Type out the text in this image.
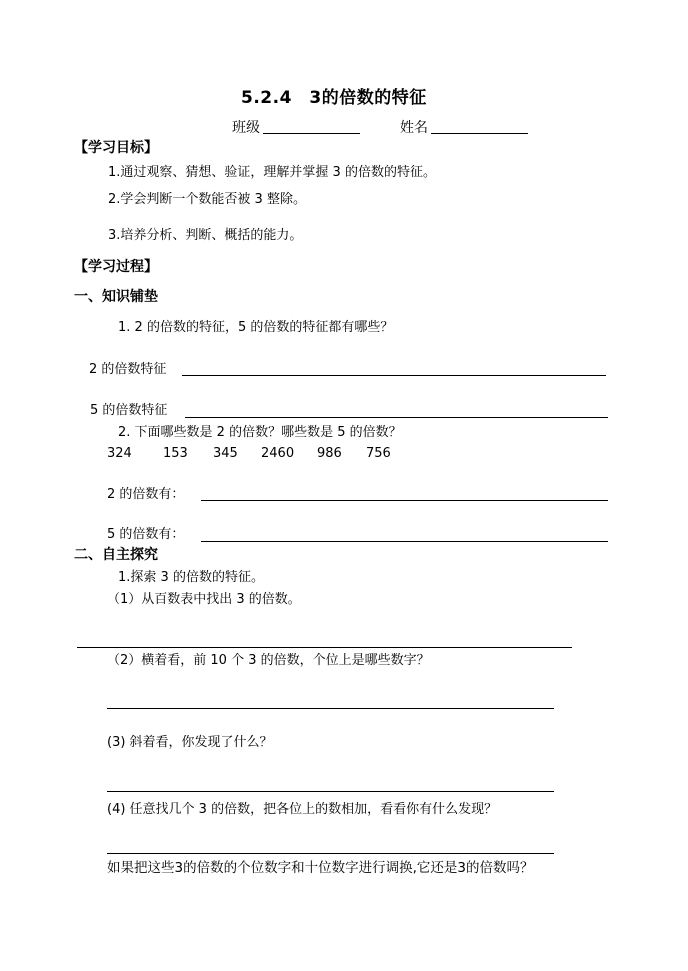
5.2.4　3的倍数的特征
班级	姓名
【学习目标】
1.通过观察、猜想、验证，理解并掌握 3 的倍数的特征。
2.学会判断一个数能否被 3 整除。
3.培养分析、判断、概括的能力。
【学习过程】
一、知识铺垫
1. 2 的倍数的特征，5 的倍数的特征都有哪些？
2 的倍数特征
5 的倍数特征
2. 下面哪些数是 2 的倍数？哪些数是 5 的倍数？
324 153 345 2460 986 756
2 的倍数有：
5 的倍数有：
二、自主探究
1.探索 3 的倍数的特征。
（1）从百数表中找出 3 的倍数。
（2）横着看，前 10 个 3 的倍数，个位上是哪些数字？
(3) 斜着看，你发现了什么？
(4) 任意找几个 3 的倍数，把各位上的数相加，看看你有什么发现？
如果把这些3的倍数的个位数字和十位数字进行调换,它还是3的倍数吗？
